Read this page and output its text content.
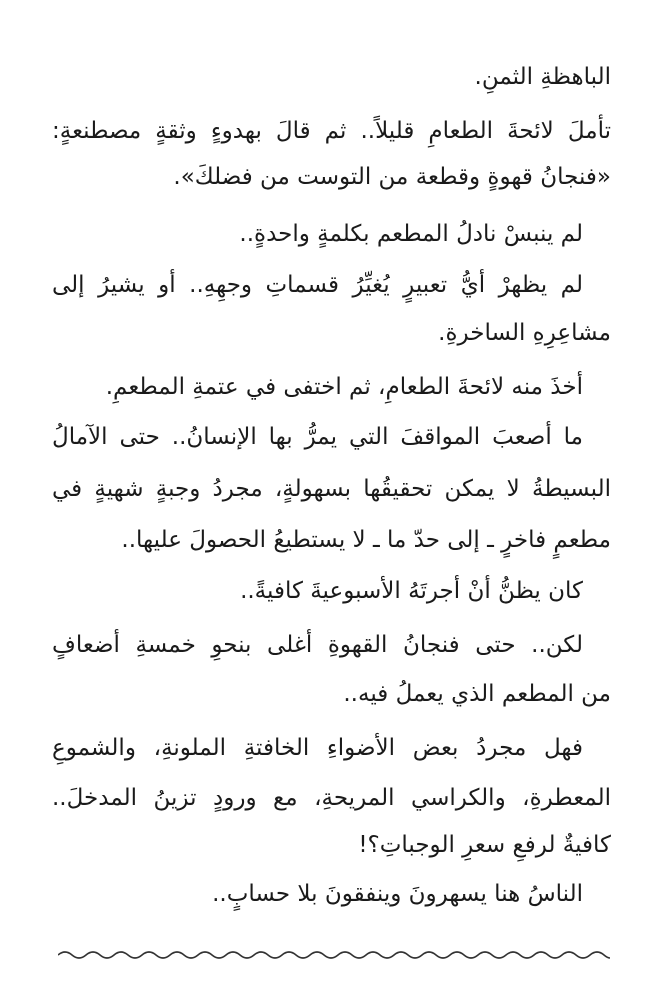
الباهظةِ الثمنِ.
تأملَ لائحةَ الطعامِ قليلاً.. ثم قالَ بهدوءٍ وثقةٍ مصطنعةٍ:
«فنجانُ قهوةٍ وقطعة من التوست من فضلكَ».
لم ينبسْ نادلُ المطعم بكلمةٍ واحدةٍ..
لم يظهرْ أيُّ تعبيرٍ يُغيِّرُ قسماتِ وجهِهِ.. أو يشيرُ إلى
مشاعِرِهِ الساخرةِ.
أخذَ منه لائحةَ الطعامِ، ثم اختفى في عتمةِ المطعمِ.
ما أصعبَ المواقفَ التي يمرُّ بها الإنسانُ.. حتى الآمالُ
البسيطةُ لا يمكن تحقيقُها بسهولةٍ، مجردُ وجبةٍ شهيةٍ في
مطعمٍ فاخرٍ ـ إلى حدّ ما ـ لا يستطيعُ الحصولَ عليها..
كان يظنُّ أنْ أجرتَهُ الأسبوعيةَ كافيةً..
لكن.. حتى فنجانُ القهوةِ أغلى بنحوِ خمسةِ أضعافٍ
من المطعم الذي يعملُ فيه..
فهل مجردُ بعض الأضواءِ الخافتةِ الملونةِ، والشموعِ
المعطرةِ، والكراسي المريحةِ، مع ورودٍ تزينُ المدخلَ..
كافيةٌ لرفعِ سعرِ الوجباتِ؟!
الناسُ هنا يسهرونَ وينفقونَ بلا حسابٍ..
